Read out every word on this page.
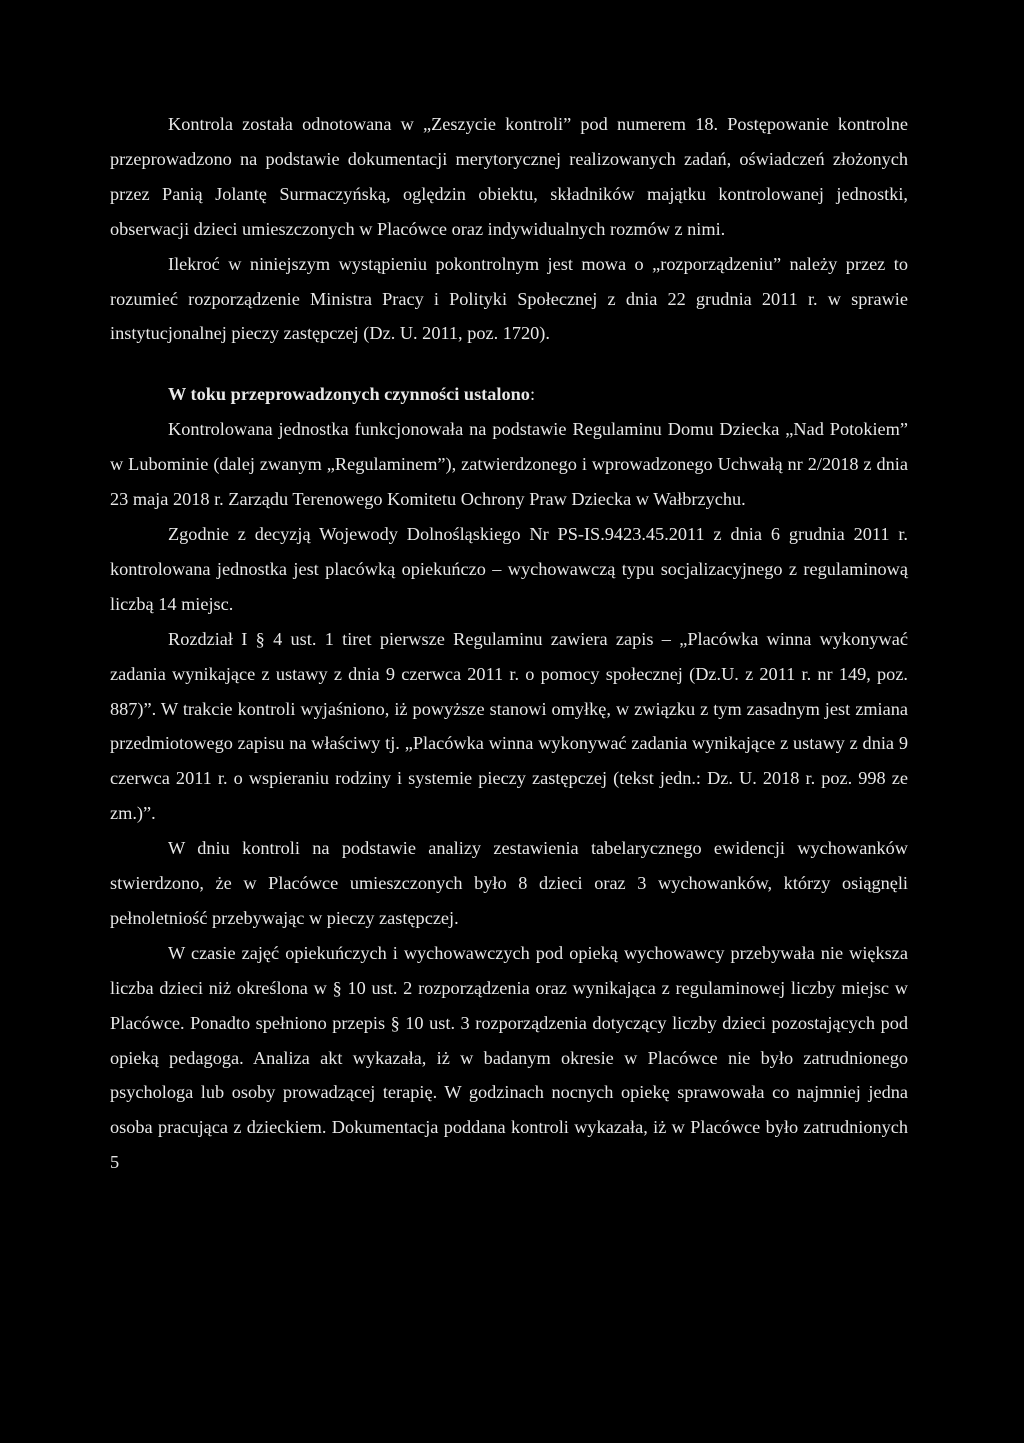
Kontrola została odnotowana w „Zeszycie kontroli” pod numerem 18. Postępowanie kontrolne przeprowadzono na podstawie dokumentacji merytorycznej realizowanych zadań, oświadczeń złożonych przez Panią Jolantę Surmaczyńską, oględzin obiektu, składników majątku kontrolowanej jednostki, obserwacji dzieci umieszczonych w Placówce oraz indywidualnych rozmów z nimi.

Ilekroć w niniejszym wystąpieniu pokontrolnym jest mowa o „rozporządzeniu” należy przez to rozumieć rozporządzenie Ministra Pracy i Polityki Społecznej z dnia 22 grudnia 2011 r. w sprawie instytucjonalnej pieczy zastępczej (Dz. U. 2011, poz. 1720).

W toku przeprowadzonych czynności ustalono:

Kontrolowana jednostka funkcjonowała na podstawie Regulaminu Domu Dziecka „Nad Potokiem” w Lubominie (dalej zwanym „Regulaminem”), zatwierdzonego i wprowadzonego Uchwałą nr 2/2018 z dnia 23 maja 2018 r. Zarządu Terenowego Komitetu Ochrony Praw Dziecka w Wałbrzychu.

Zgodnie z decyzją Wojewody Dolnośląskiego Nr PS-IS.9423.45.2011 z dnia 6 grudnia 2011 r. kontrolowana jednostka jest placówką opiekuńczo – wychowawczą typu socjalizacyjnego z regulaminową liczbą 14 miejsc.

Rozdział I § 4 ust. 1 tiret pierwsze Regulaminu zawiera zapis – „Placówka winna wykonywać zadania wynikające z ustawy z dnia 9 czerwca 2011 r. o pomocy społecznej (Dz.U. z 2011 r. nr 149, poz. 887)”. W trakcie kontroli wyjaśniono, iż powyższe stanowi omyłkę, w związku z tym zasadnym jest zmiana przedmiotowego zapisu na właściwy tj. „Placówka winna wykonywać zadania wynikające z ustawy z dnia 9 czerwca 2011 r. o wspieraniu rodziny i systemie pieczy zastępczej (tekst jedn.: Dz. U. 2018 r. poz. 998 ze zm.)”.

W dniu kontroli na podstawie analizy zestawienia tabelarycznego ewidencji wychowanków stwierdzono, że w Placówce umieszczonych było 8 dzieci oraz 3 wychowanków, którzy osiągnęli pełnoletniość przebywając w pieczy zastępczej.

W czasie zajęć opiekuńczych i wychowawczych pod opieką wychowawcy przebywała nie większa liczba dzieci niż określona w § 10 ust. 2 rozporządzenia oraz wynikająca z regulaminowej liczby miejsc w Placówce. Ponadto spełniono przepis § 10 ust. 3 rozporządzenia dotyczący liczby dzieci pozostających pod opieką pedagoga. Analiza akt wykazała, iż w badanym okresie w Placówce nie było zatrudnionego psychologa lub osoby prowadzącej terapię. W godzinach nocnych opiekę sprawowała co najmniej jedna osoba pracująca z dzieckiem. Dokumentacja poddana kontroli wykazała, iż w Placówce było zatrudnionych 5
